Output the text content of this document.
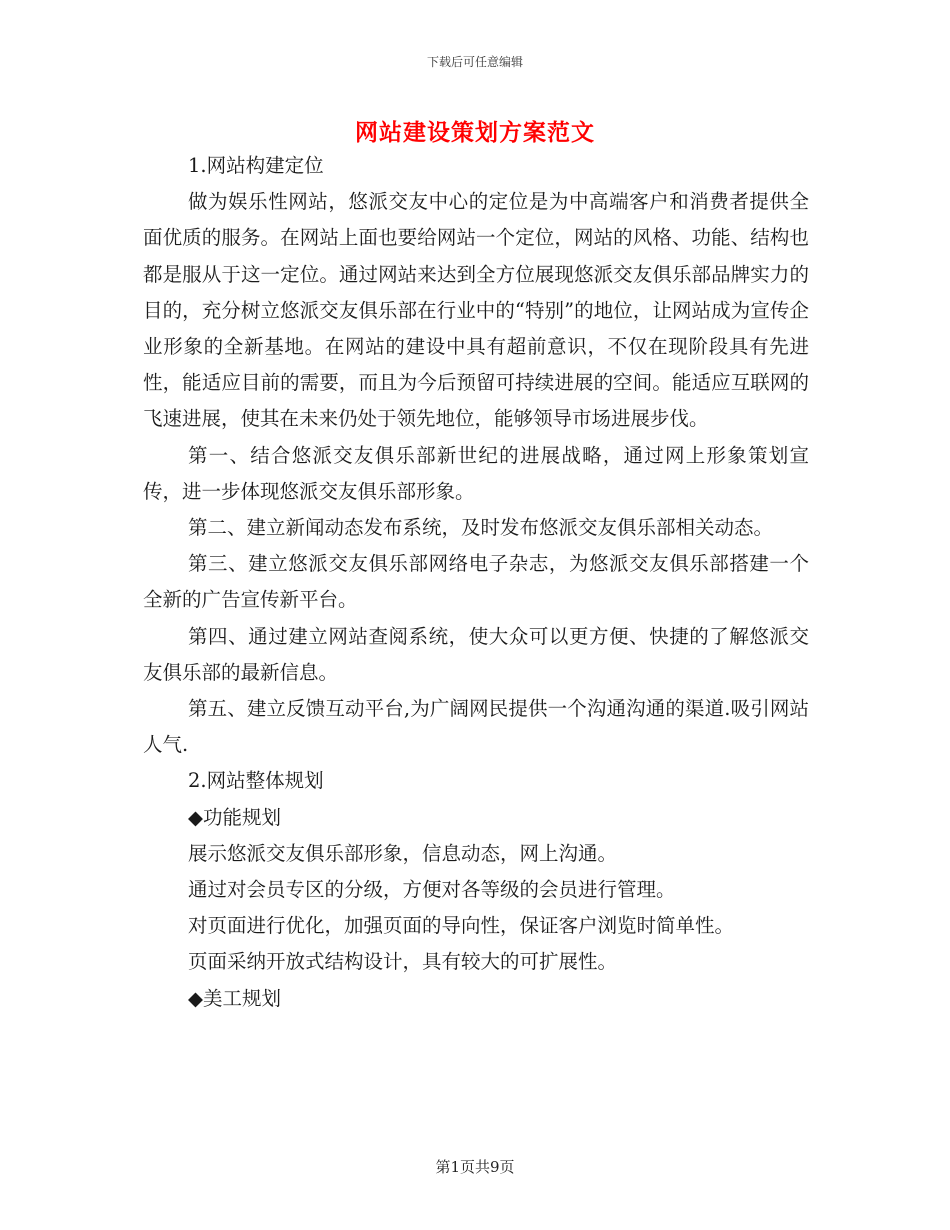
下载后可任意编辑
网站建设策划方案范文

1.网站构建定位

做为娱乐性网站，悠派交友中心的定位是为中高端客户和消费者提供全面优质的服务。在网站上面也要给网站一个定位，网站的风格、功能、结构也都是服从于这一定位。通过网站来达到全方位展现悠派交友俱乐部品牌实力的目的，充分树立悠派交友俱乐部在行业中的“特别”的地位，让网站成为宣传企业形象的全新基地。在网站的建设中具有超前意识，不仅在现阶段具有先进性，能适应目前的需要，而且为今后预留可持续进展的空间。能适应互联网的飞速进展，使其在未来仍处于领先地位，能够领导市场进展步伐。

第一、结合悠派交友俱乐部新世纪的进展战略，通过网上形象策划宣传，进一步体现悠派交友俱乐部形象。

第二、建立新闻动态发布系统，及时发布悠派交友俱乐部相关动态。

第三、建立悠派交友俱乐部网络电子杂志，为悠派交友俱乐部搭建一个全新的广告宣传新平台。

第四、通过建立网站查阅系统，使大众可以更方便、快捷的了解悠派交友俱乐部的最新信息。

第五、建立反馈互动平台,为广阔网民提供一个沟通沟通的渠道.吸引网站人气.

2.网站整体规划

◆功能规划

展示悠派交友俱乐部形象，信息动态，网上沟通。

通过对会员专区的分级，方便对各等级的会员进行管理。

对页面进行优化，加强页面的导向性，保证客户浏览时简单性。

页面采纳开放式结构设计，具有较大的可扩展性。

◆美工规划

第1页共9页
